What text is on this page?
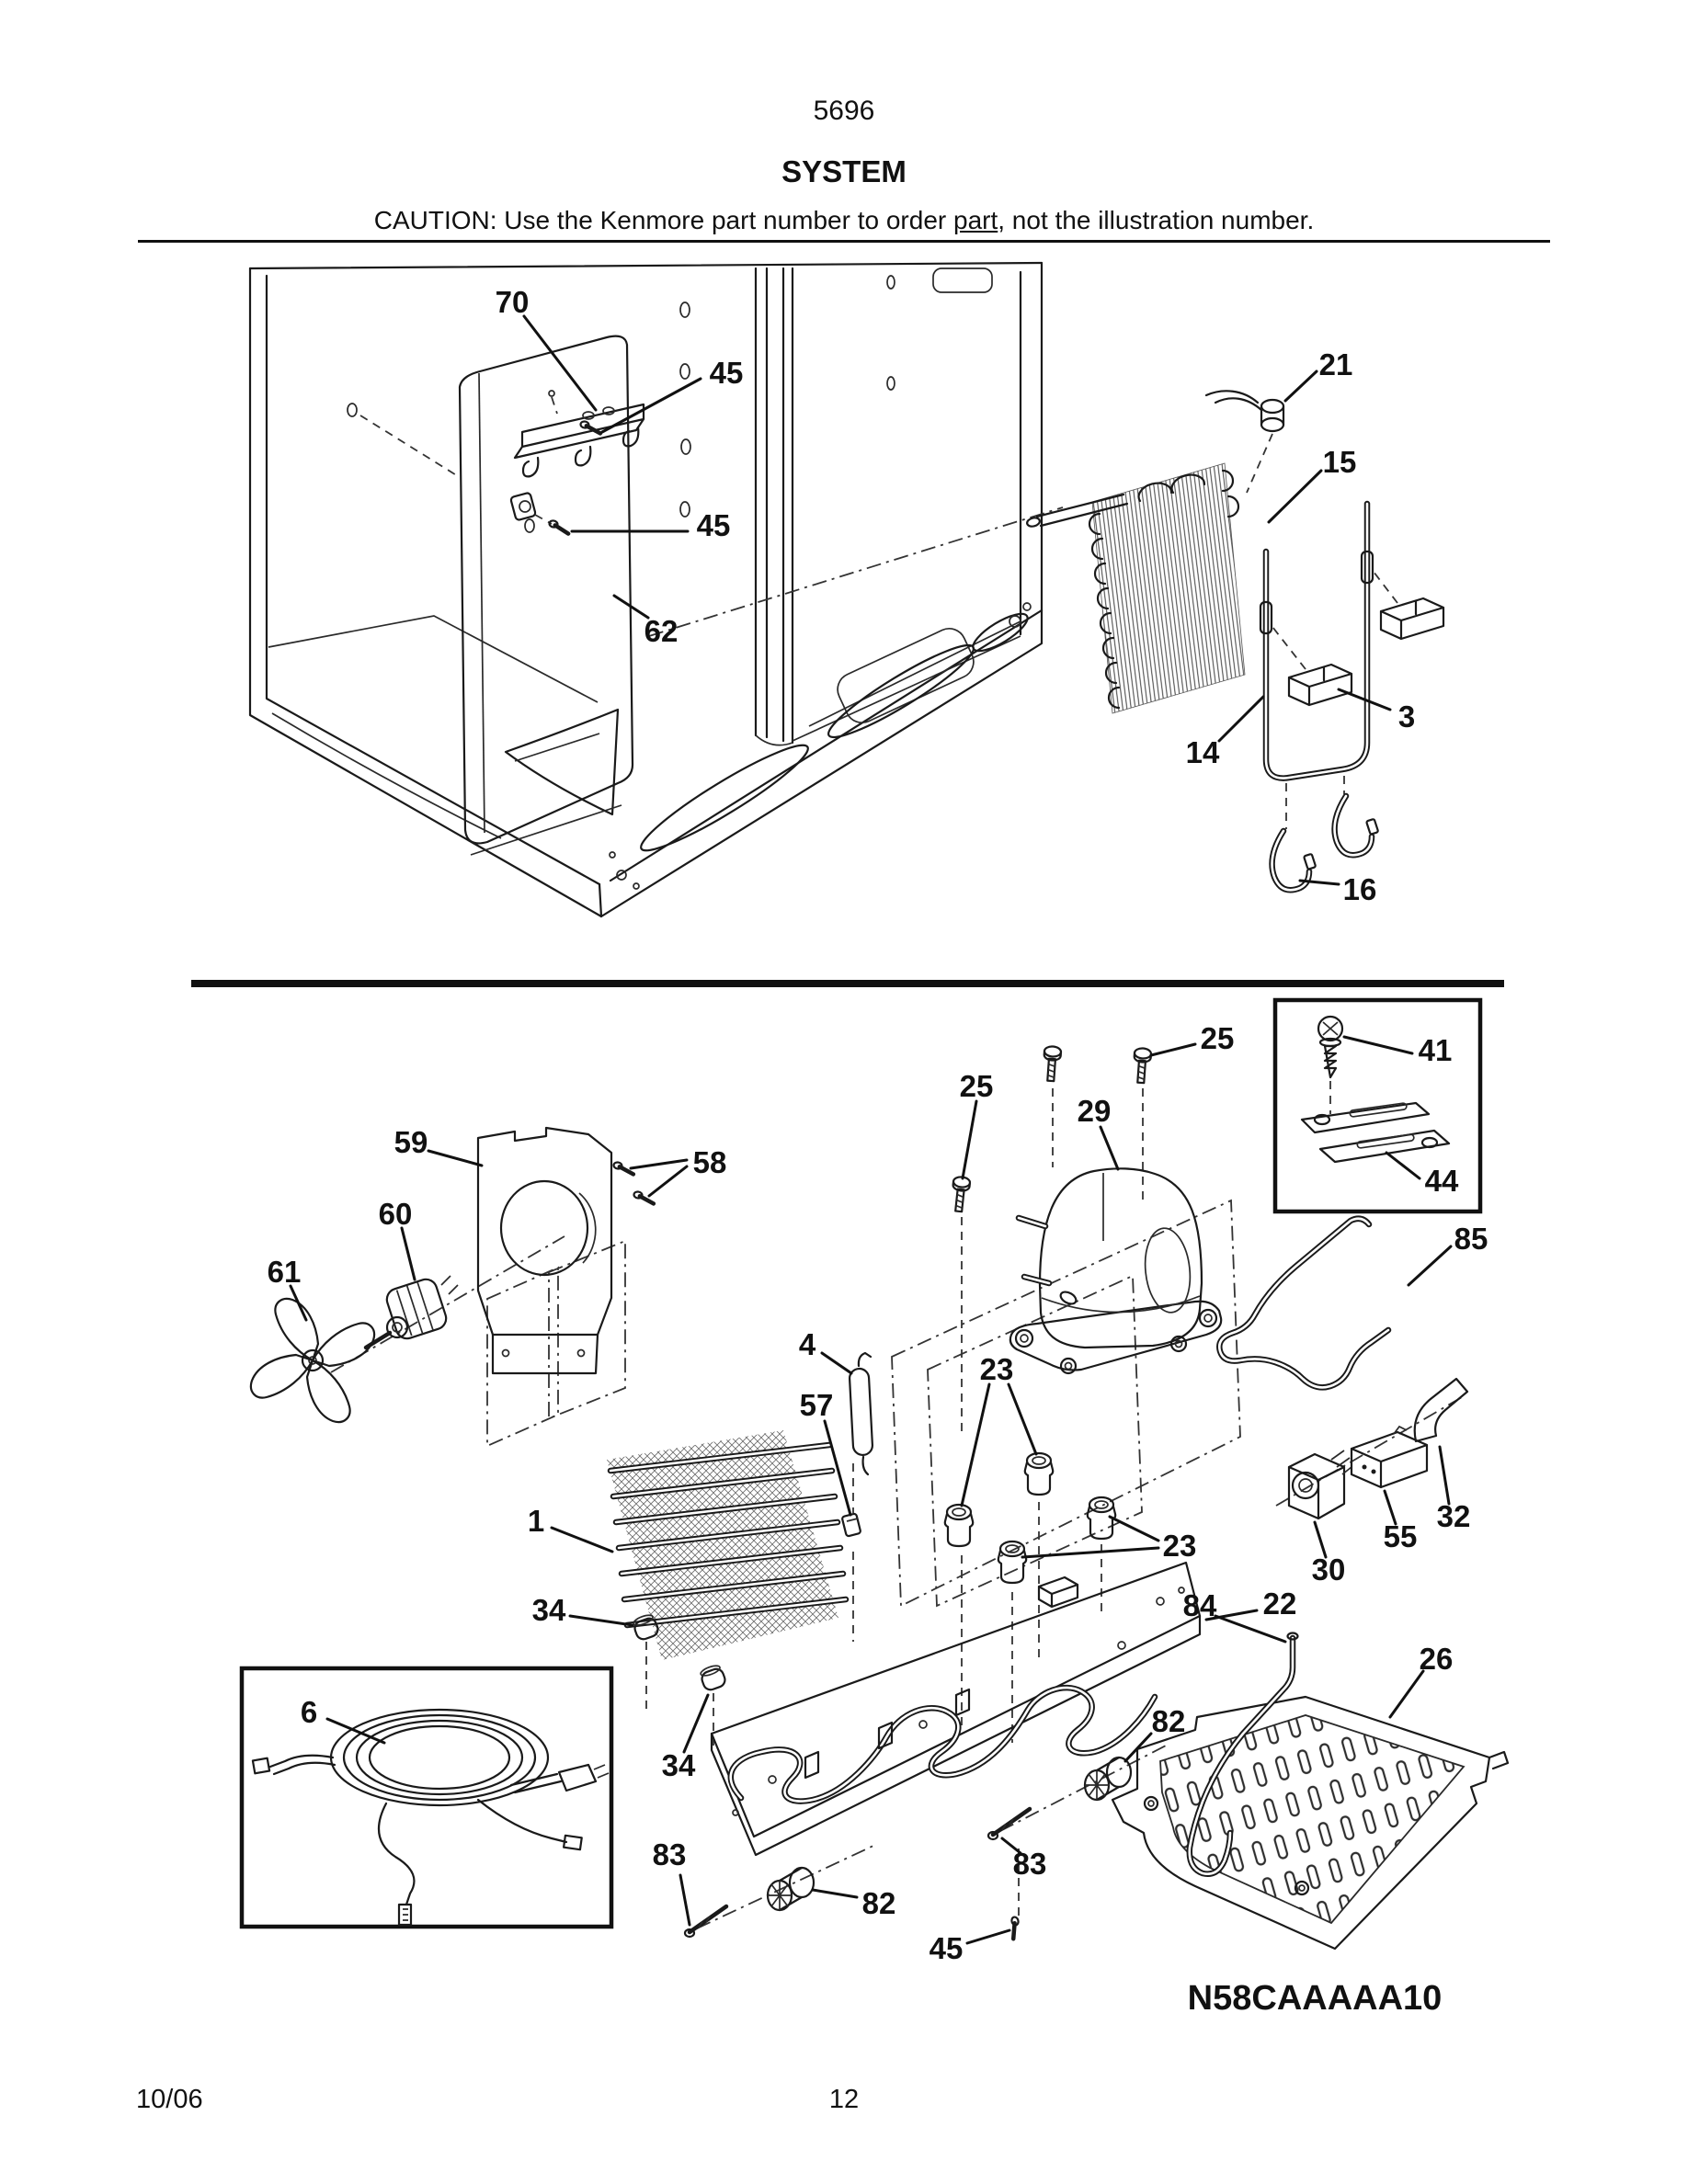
5696
SYSTEM
CAUTION: Use the Kenmore part number to order part, not the illustration number.
70
45
45
62
21
15
3
14
16
59
58
60
61
25
25
29
41
44
85
4
57
23
1
23
30
55
32
34	22
84
26
6
34
82
83	83
82
45
N58CAAAAA10
10/06	12
